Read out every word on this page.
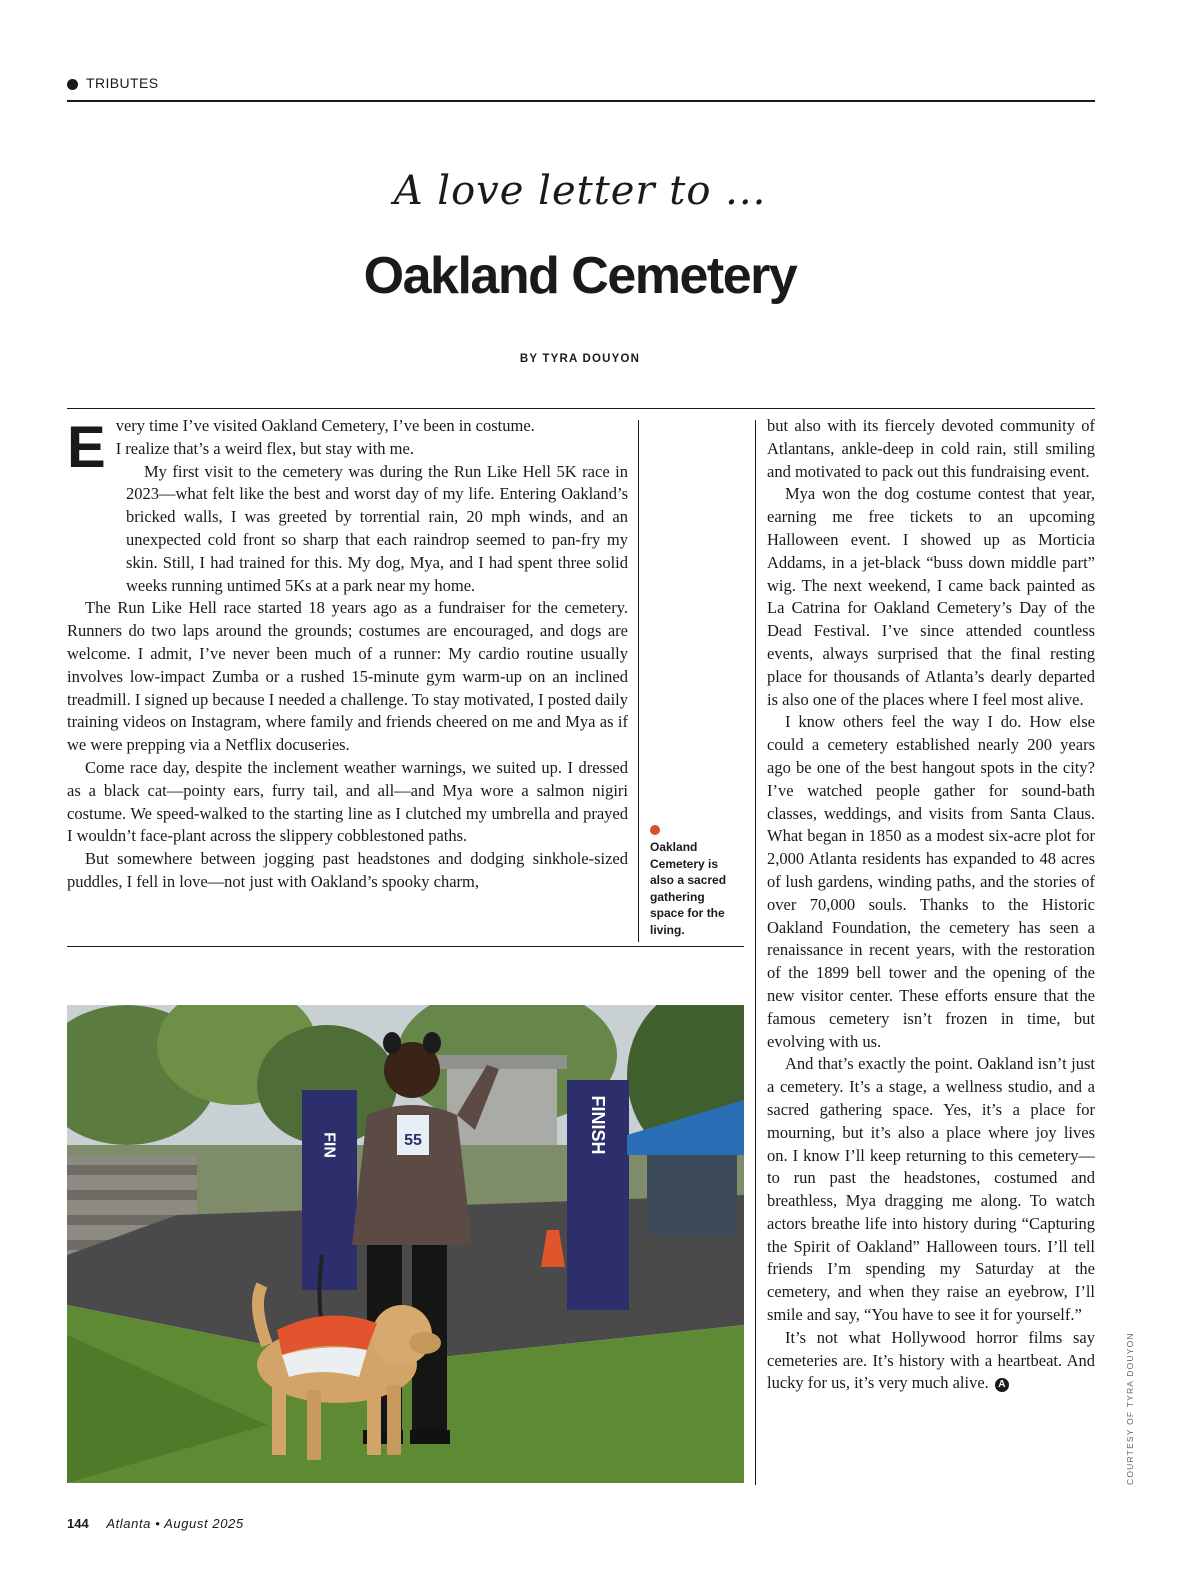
TRIBUTES
A love letter to ...
Oakland Cemetery
BY TYRA DOUYON
E very time I’ve visited Oakland Cemetery, I’ve been in costume.

I realize that’s a weird flex, but stay with me.

My first visit to the cemetery was during the Run Like Hell 5K race in 2023—what felt like the best and worst day of my life. Entering Oakland’s bricked walls, I was greeted by torrential rain, 20 mph winds, and an unexpected cold front so sharp that each raindrop seemed to pan-fry my skin. Still, I had trained for this. My dog, Mya, and I had spent three solid weeks running untimed 5Ks at a park near my home.

The Run Like Hell race started 18 years ago as a fundraiser for the cemetery. Runners do two laps around the grounds; costumes are encouraged, and dogs are welcome. I admit, I’ve never been much of a runner: My cardio routine usually involves low-impact Zumba or a rushed 15-minute gym warm-up on an inclined treadmill. I signed up because I needed a challenge. To stay motivated, I posted daily training videos on Instagram, where family and friends cheered on me and Mya as if we were prepping via a Netflix docuseries.

Come race day, despite the inclement weather warnings, we suited up. I dressed as a black cat—pointy ears, furry tail, and all—and Mya wore a salmon nigiri costume. We speed-walked to the starting line as I clutched my umbrella and prayed I wouldn’t face-plant across the slippery cobblestoned paths.

But somewhere between jogging past headstones and dodging sinkhole-sized puddles, I fell in love—not just with Oakland’s spooky charm,

Oakland Cemetery is also a sacred gathering space for the living.

but also with its fiercely devoted community of Atlantans, ankle-deep in cold rain, still smiling and motivated to pack out this fundraising event.

Mya won the dog costume contest that year, earning me free tickets to an upcoming Halloween event. I showed up as Morticia Addams, in a jet-black “buss down middle part” wig. The next weekend, I came back painted as La Catrina for Oakland Cemetery’s Day of the Dead Festival. I’ve since attended countless events, always surprised that the final resting place for thousands of Atlanta’s dearly departed is also one of the places where I feel most alive.

I know others feel the way I do. How else could a cemetery established nearly 200 years ago be one of the best hangout spots in the city? I’ve watched people gather for sound-bath classes, weddings, and visits from Santa Claus. What began in 1850 as a modest six-acre plot for 2,000 Atlanta residents has expanded to 48 acres of lush gardens, winding paths, and the stories of over 70,000 souls. Thanks to the Historic Oakland Foundation, the cemetery has seen a renaissance in recent years, with the restoration of the 1899 bell tower and the opening of the new visitor center. These efforts ensure that the famous cemetery isn’t frozen in time, but evolving with us.

And that’s exactly the point. Oakland isn’t just a cemetery. It’s a stage, a wellness studio, and a sacred gathering space. Yes, it’s a place for mourning, but it’s also a place where joy lives on. I know I’ll keep returning to this cemetery—to run past the headstones, costumed and breathless, Mya dragging me along. To watch actors breathe life into history during “Capturing the Spirit of Oakland” Halloween tours. I’ll tell friends I’m spending my Saturday at the cemetery, and when they raise an eyebrow, I’ll smile and say, “You have to see it for yourself.”

It’s not what Hollywood horror films say cemeteries are. It’s history with a heartbeat. And lucky for us, it’s very much alive. A

FIN	FINISH
55
COURTESY OF TYRA DOUYON
144 Atlanta • August 2025
